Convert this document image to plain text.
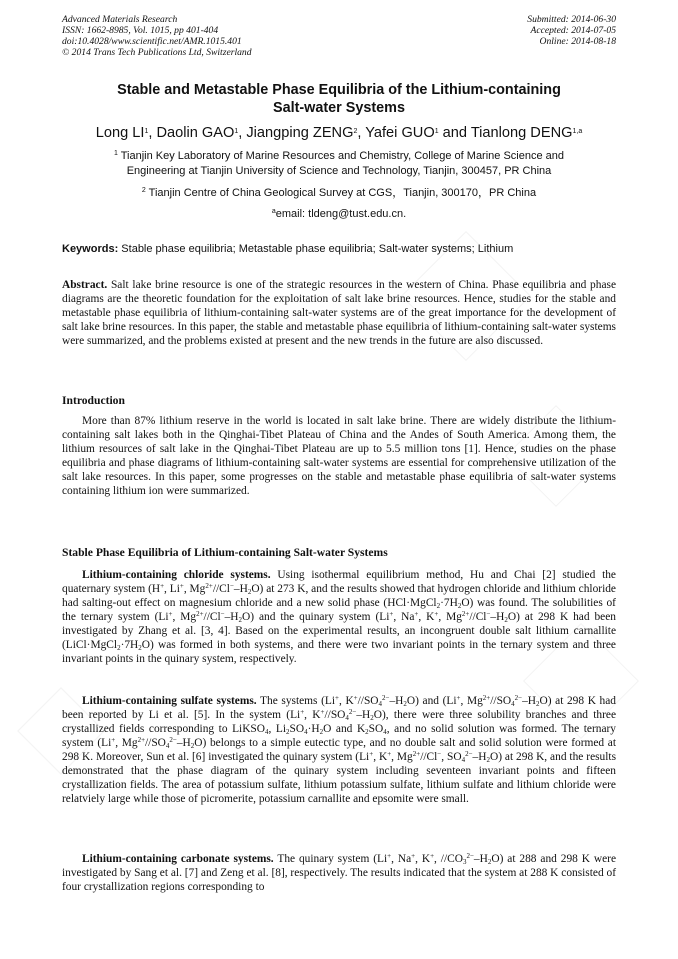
Advanced Materials Research
ISSN: 1662-8985, Vol. 1015, pp 401-404
doi:10.4028/www.scientific.net/AMR.1015.401
© 2014 Trans Tech Publications Ltd, Switzerland
Submitted: 2014-06-30
Accepted: 2014-07-05
Online: 2014-08-18
Stable and Metastable Phase Equilibria of the Lithium-containing
Salt-water Systems
Long $LI^1$, Daolin GAO$^1$, Jiangping ZENG$^2$, Yafei GUO$^1$ and Tianlong DENG$^{1,a}$
$^1$ Tianjin Key Laboratory of Marine Resources and Chemistry, College of Marine Science and
Engineering at Tianjin University of Science and Technology, Tianjin, 300457, PR China
$^2$ Tianjin Centre of China Geological Survey at CGS，Tianjin, 300170，PR China
$^a$email: tldeng@tust.edu.cn.
Keywords: Stable phase equilibria; Metastable phase equilibria; Salt-water systems; Lithium
Abstract. Salt lake brine resource is one of the strategic resources in the western of China. Phase equilibria and phase diagrams are the theoretic foundation for the exploitation of salt lake brine resources. Hence, studies for the stable and metastable phase equilibria of lithium-containing salt-water systems are of the great importance for the development of salt lake brine resources. In this paper, the stable and metastable phase equilibria of lithium-containing salt-water systems were summarized, and the problems existed at present and the new trends in the future are also discussed.
Introduction
More than 87% lithium reserve in the world is located in salt lake brine. There are widely distribute the lithium-containing salt lakes both in the Qinghai-Tibet Plateau of China and the Andes of South America. Among them, the lithium resources of salt lake in the Qinghai-Tibet Plateau are up to 5.5 million tons [1]. Hence, studies on the phase equilibria and phase diagrams of lithium-containing salt-water systems are essential for comprehensive utilization of the salt lake resources. In this paper, some progresses on the stable and metastable phase equilibria of salt-water systems containing lithium ion were summarized.
Stable Phase Equilibria of Lithium-containing Salt-water Systems
Lithium-containing chloride systems. Using isothermal equilibrium method, Hu and Chai [2] studied the quaternary system (H+, Li+, $Mg^{2+}//Cl^--H_2O$) at 273 K, and the results showed that hydrogen chloride and lithium chloride had salting-out effect on magnesium chloride and a new solid phase $(HCl\cdot MgCl_2\cdot 7H_2O)$ was found. The solubilities of the ternary system (Li+, $Mg^{2+}//Cl^--H_2O$) and the quinary system (Li+, Na+, K+, $Mg^{2+}//Cl^--H_2O$) at 298 K had been investigated by Zhang et al. [3, 4]. Based on the experimental results, an incongruent double salt lithium carnallite $(LiCl\cdot MgCl_2\cdot 7H_2O)$ was formed in both systems, and there were two invariant points in the ternary system and three invariant points in the quinary system, respectively.
Lithium-containing sulfate systems. The systems (Li+, $K^+//SO_4^{2-}-H_2O$) and (Li+, $Mg^{2+}//SO_4^{2-}-H_2O$) at 298 K had been reported by Li et al. [5]. In the system (Li+, $K^+//SO_4^{2-}-H_2O$), there were three solubility branches and three crystallized fields corresponding to LiKSO$_4$, $Li_2SO_4\cdot H_2O$ and $K_2SO_4$, and no solid solution was formed. The ternary system (Li+, $Mg^{2+}//SO_4^{2-}-H_2O$) belongs to a simple eutectic type, and no double salt and solid solution were formed at 298 K. Moreover, Sun et al. [6] investigated the quinary system (Li+, K+, $Mg^{2+}//Cl^-$, $SO_4^{2-}-H_2O$) at 298 K, and the results demonstrated that the phase diagram of the quinary system including seventeen invariant points and fifteen crystallization fields. The area of potassium sulfate, lithium potassium sulfate, lithium sulfate and lithium chloride were relatviely large while those of picromerite, potassium carnallite and epsomite were small.
Lithium-containing carbonate systems. The quinary system (Li+, Na+, K+, $//CO_3^{2-}-H_2O$) at 288 and 298 K were investigated by Sang et al. [7] and Zeng et al. [8], respectively. The results indicated that the system at 288 K consisted of four crystallization regions corresponding to
